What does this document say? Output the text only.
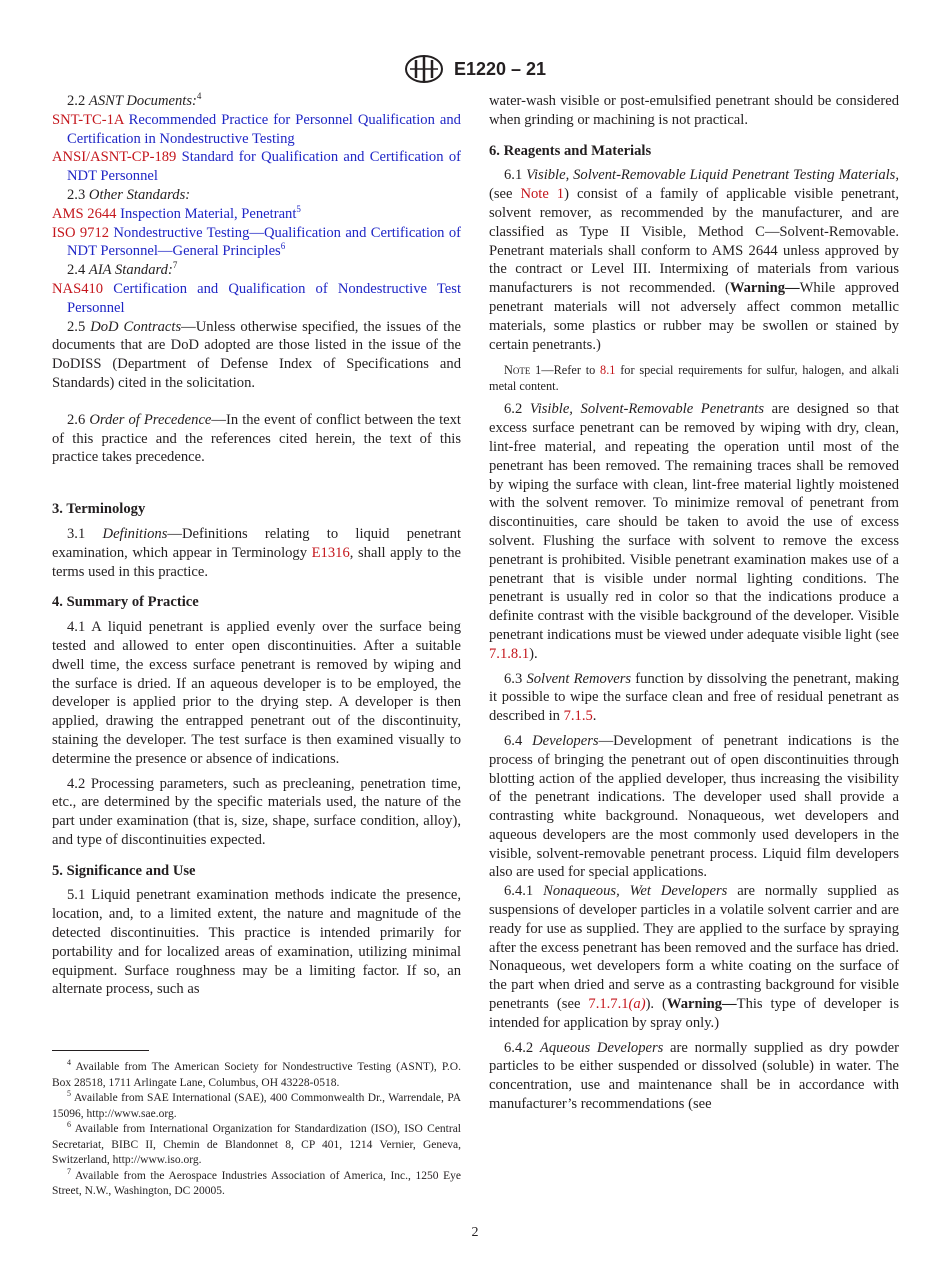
E1220 – 21

2.2 ASNT Documents:$^4$

SNT-TC-1A Recommended Practice for Personnel Qualification and Certification in Nondestructive Testing

ANSI/ASNT-CP-189 Standard for Qualification and Certification of NDT Personnel

2.3 Other Standards:

AMS 2644 Inspection Material, Penetrant$^5$

ISO 9712 Nondestructive Testing—Qualification and Certification of NDT Personnel—General Principles$^6$

2.4 AIA Standard:$^7$

NAS410 Certification and Qualification of Nondestructive Test Personnel

2.5 DoD Contracts—Unless otherwise specified, the issues of the documents that are DoD adopted are those listed in the issue of the DoDISS (Department of Defense Index of Specifications and Standards) cited in the solicitation.

2.6 Order of Precedence—In the event of conflict between the text of this practice and the references cited herein, the text of this practice takes precedence.

3. Terminology

3.1 Definitions—Definitions relating to liquid penetrant examination, which appear in Terminology E1316, shall apply to the terms used in this practice.

4. Summary of Practice

4.1 A liquid penetrant is applied evenly over the surface being tested and allowed to enter open discontinuities. After a suitable dwell time, the excess surface penetrant is removed by wiping and the surface is dried. If an aqueous developer is to be employed, the developer is applied prior to the drying step. A developer is then applied, drawing the entrapped penetrant out of the discontinuity, staining the developer. The test surface is then examined visually to determine the presence or absence of indications.

4.2 Processing parameters, such as precleaning, penetration time, etc., are determined by the specific materials used, the nature of the part under examination (that is, size, shape, surface condition, alloy), and type of discontinuities expected.

5. Significance and Use

5.1 Liquid penetrant examination methods indicate the presence, location, and, to a limited extent, the nature and magnitude of the detected discontinuities. This practice is intended primarily for portability and for localized areas of examination, utilizing minimal equipment. Surface roughness may be a limiting factor. If so, an alternate process, such as

$^4$ Available from The American Society for Nondestructive Testing (ASNT), P.O. Box 28518, 1711 Arlingate Lane, Columbus, OH 43228-0518.

$^5$ Available from SAE International (SAE), 400 Commonwealth Dr., Warrendale, PA 15096, http://www.sae.org.

$^6$ Available from International Organization for Standardization (ISO), ISO Central Secretariat, BIBC II, Chemin de Blandonnet 8, CP 401, 1214 Vernier, Geneva, Switzerland, http://www.iso.org.

$^7$ Available from the Aerospace Industries Association of America, Inc., 1250 Eye Street, N.W., Washington, DC 20005.

water-wash visible or post-emulsified penetrant should be considered when grinding or machining is not practical.

6. Reagents and Materials

6.1 Visible, Solvent-Removable Liquid Penetrant Testing Materials, (see Note 1) consist of a family of applicable visible penetrant, solvent remover, as recommended by the manufacturer, and are classified as Type II Visible, Method C—Solvent-Removable. Penetrant materials shall conform to AMS 2644 unless approved by the contract or Level III. Intermixing of materials from various manufacturers is not recommended. (Warning—While approved penetrant materials will not adversely affect common metallic materials, some plastics or rubber may be swollen or stained by certain penetrants.)

Note 1—Refer to 8.1 for special requirements for sulfur, halogen, and alkali metal content.

6.2 Visible, Solvent-Removable Penetrants are designed so that excess surface penetrant can be removed by wiping with dry, clean, lint-free material, and repeating the operation until most of the penetrant has been removed. The remaining traces shall be removed by wiping the surface with clean, lint-free material lightly moistened with the solvent remover. To minimize removal of penetrant from discontinuities, care should be taken to avoid the use of excess solvent. Flushing the surface with solvent to remove the excess penetrant is prohibited. Visible penetrant examination makes use of a penetrant that is visible under normal lighting conditions. The penetrant is usually red in color so that the indications produce a definite contrast with the visible background of the developer. Visible penetrant indications must be viewed under adequate visible light (see 7.1.8.1).

6.3 Solvent Removers function by dissolving the penetrant, making it possible to wipe the surface clean and free of residual penetrant as described in 7.1.5.

6.4 Developers—Development of penetrant indications is the process of bringing the penetrant out of open discontinuities through blotting action of the applied developer, thus increasing the visibility of the penetrant indications. The developer used shall provide a contrasting white background. Nonaqueous, wet developers and aqueous developers are the most commonly used developers in the visible, solvent-removable penetrant process. Liquid film developers also are used for special applications.

6.4.1 Nonaqueous, Wet Developers are normally supplied as suspensions of developer particles in a volatile solvent carrier and are ready for use as supplied. They are applied to the surface by spraying after the excess penetrant has been removed and the surface has dried. Nonaqueous, wet developers form a white coating on the surface of the part when dried and serve as a contrasting background for visible penetrants (see 7.1.7.1(a)). (Warning—This type of developer is intended for application by spray only.)

6.4.2 Aqueous Developers are normally supplied as dry powder particles to be either suspended or dissolved (soluble) in water. The concentration, use and maintenance shall be in accordance with manufacturer’s recommendations (see

2
